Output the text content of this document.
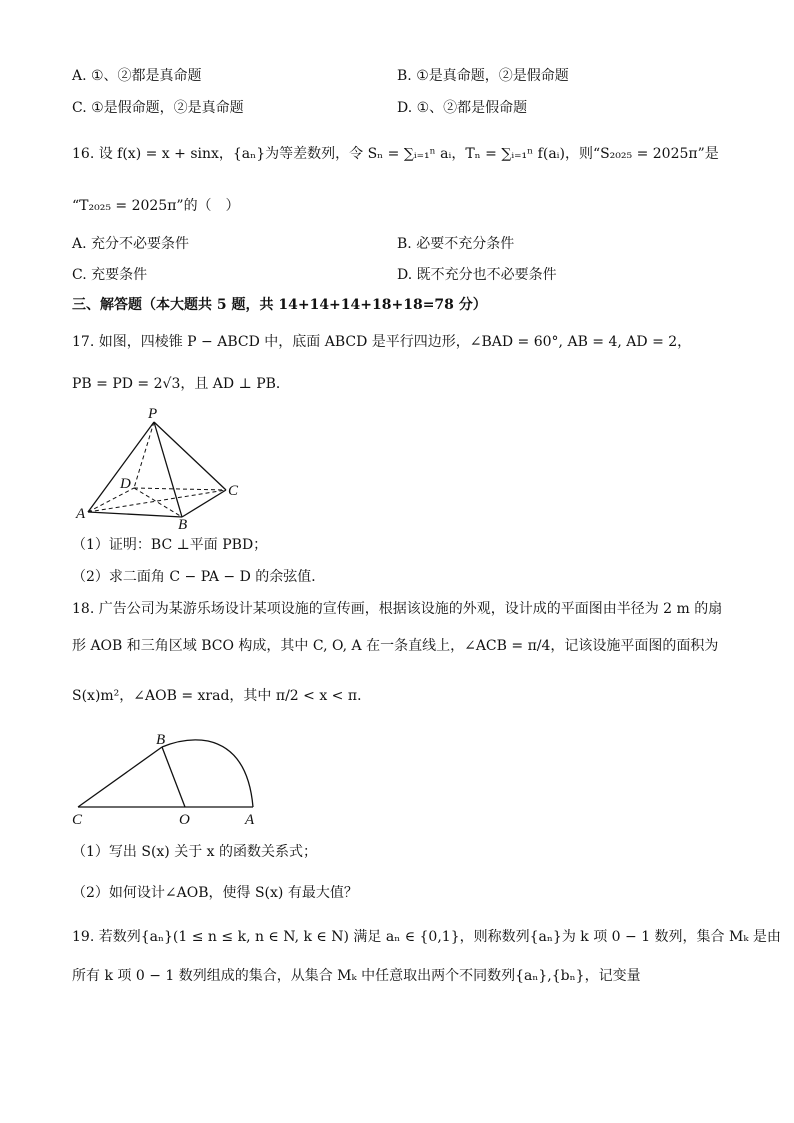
A. ①、②都是真命题	B. ①是真命题，②是假命题
C. ①是假命题，②是真命题	D. ①、②都是假命题
16. 设 f(x) = x + sinx，{aₙ}为等差数列，令 Sₙ = ∑ᵢ₌₁ⁿ aᵢ，Tₙ = ∑ᵢ₌₁ⁿ f(aᵢ)，则“S₂₀₂₅ = 2025π”是
“T₂₀₂₅ = 2025π”的（　）
A. 充分不必要条件	B. 必要不充分条件
C. 充要条件	D. 既不充分也不必要条件
三、解答题（本大题共 5 题，共 14+14+14+18+18=78 分）
17. 如图，四棱锥 P − ABCD 中，底面 ABCD 是平行四边形，∠BAD = 60°, AB = 4, AD = 2，
PB = PD = 2√3，且 AD ⊥ PB．
P
A
B
C
D
（1）证明：BC ⊥平面 PBD；
（2）求二面角 C − PA − D 的余弦值．
18. 广告公司为某游乐场设计某项设施的宣传画，根据该设施的外观，设计成的平面图由半径为 2 m 的扇
形 AOB 和三角区域 BCO 构成，其中 C, O, A 在一条直线上，∠ACB = π/4，记该设施平面图的面积为
S(x)m²，∠AOB = xrad，其中 π/2 < x < π．
B
C	O	A
（1）写出 S(x) 关于 x 的函数关系式；
（2）如何设计∠AOB，使得 S(x) 有最大值？
19. 若数列{aₙ}(1 ≤ n ≤ k, n ∈ N, k ∈ N) 满足 aₙ ∈ {0,1}，则称数列{aₙ}为 k 项 0 − 1 数列，集合 Mₖ 是由
所有 k 项 0 − 1 数列组成的集合，从集合 Mₖ 中任意取出两个不同数列{aₙ},{bₙ}，记变量
